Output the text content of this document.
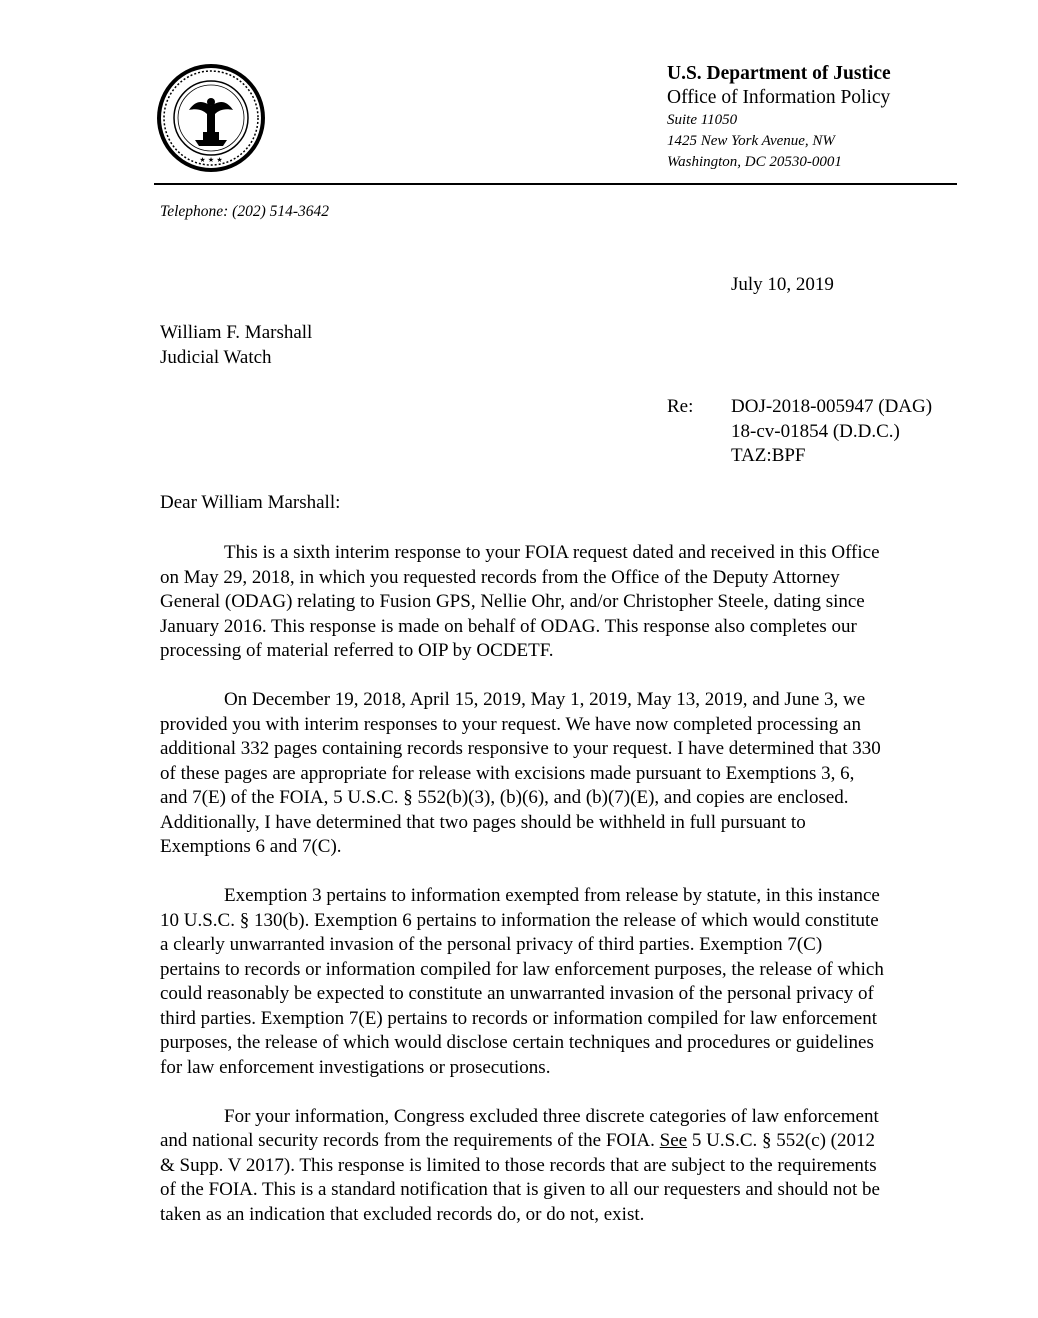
★ ★ ★
U.S. Department of Justice
Office of Information Policy
Suite 11050
1425 New York Avenue, NW
Washington, DC 20530-0001
Telephone: (202) 514-3642
July 10, 2019
William F. Marshall
Judicial Watch
Re: DOJ-2018-005947 (DAG)
18-cv-01854 (D.D.C.)
TAZ:BPF
Dear William Marshall:

This is a sixth interim response to your FOIA request dated and received in this Office
on May 29, 2018, in which you requested records from the Office of the Deputy Attorney
General (ODAG) relating to Fusion GPS, Nellie Ohr, and/or Christopher Steele, dating since
January 2016. This response is made on behalf of ODAG. This response also completes our
processing of material referred to OIP by OCDETF.

On December 19, 2018, April 15, 2019, May 1, 2019, May 13, 2019, and June 3, we
provided you with interim responses to your request. We have now completed processing an
additional 332 pages containing records responsive to your request. I have determined that 330
of these pages are appropriate for release with excisions made pursuant to Exemptions 3, 6,
and 7(E) of the FOIA, 5 U.S.C. § 552(b)(3), (b)(6), and (b)(7)(E), and copies are enclosed.
Additionally, I have determined that two pages should be withheld in full pursuant to
Exemptions 6 and 7(C).

Exemption 3 pertains to information exempted from release by statute, in this instance
10 U.S.C. § 130(b). Exemption 6 pertains to information the release of which would constitute
a clearly unwarranted invasion of the personal privacy of third parties. Exemption 7(C)
pertains to records or information compiled for law enforcement purposes, the release of which
could reasonably be expected to constitute an unwarranted invasion of the personal privacy of
third parties. Exemption 7(E) pertains to records or information compiled for law enforcement
purposes, the release of which would disclose certain techniques and procedures or guidelines
for law enforcement investigations or prosecutions.

For your information, Congress excluded three discrete categories of law enforcement
and national security records from the requirements of the FOIA. See 5 U.S.C. § 552(c) (2012
& Supp. V 2017). This response is limited to those records that are subject to the requirements
of the FOIA. This is a standard notification that is given to all our requesters and should not be
taken as an indication that excluded records do, or do not, exist.
